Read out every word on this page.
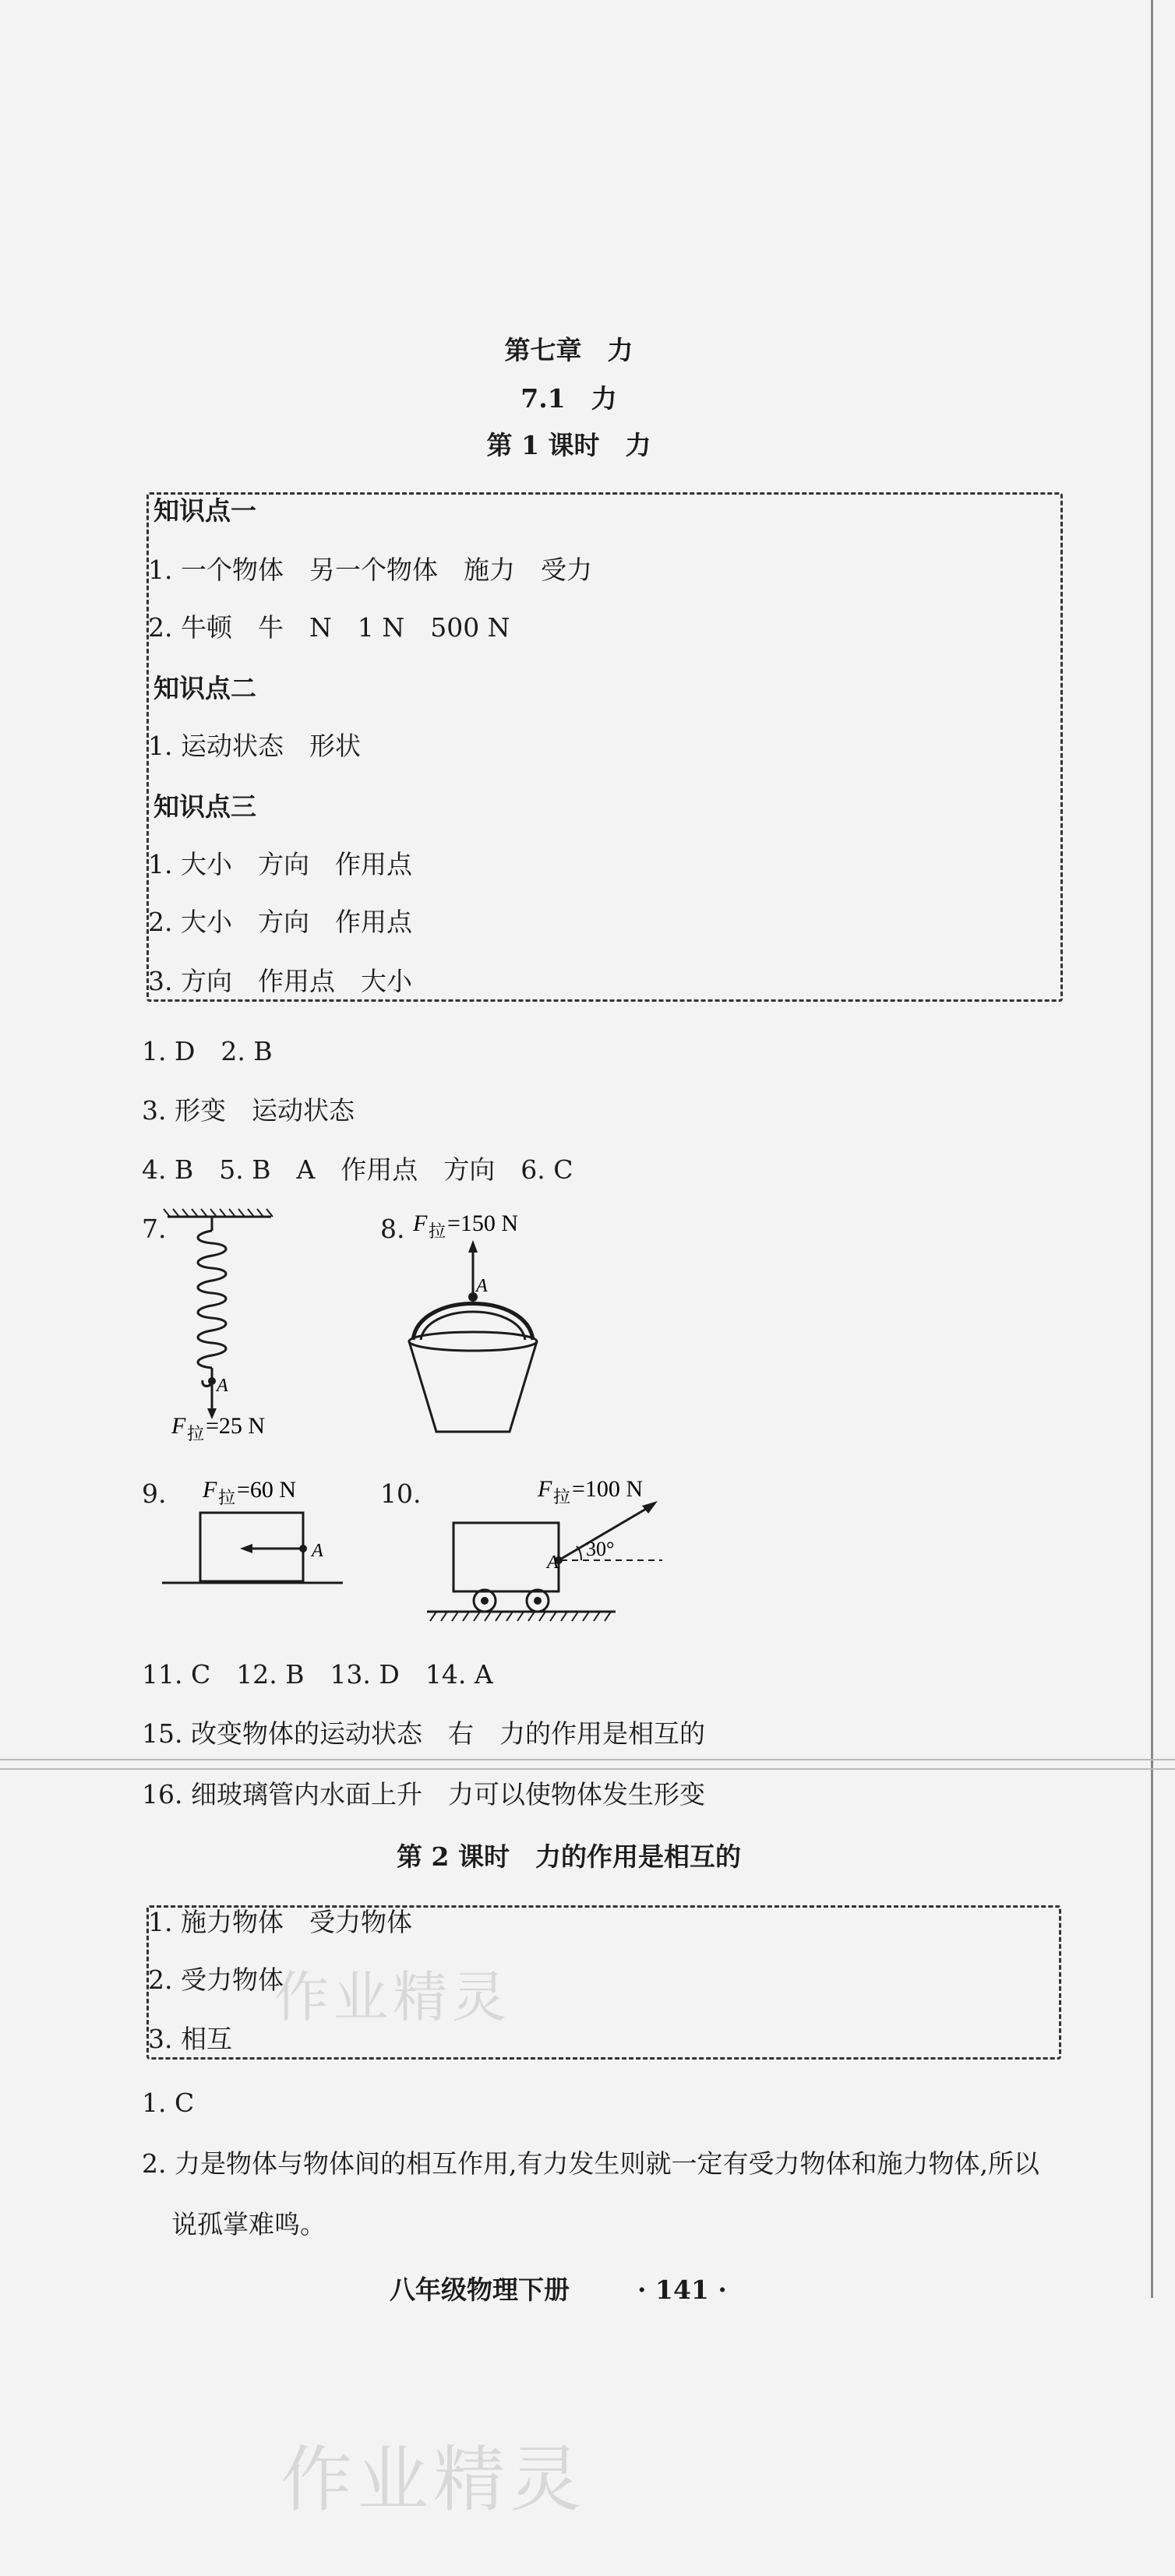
第七章　力
7.1　力
第 1 课时　力
知识点一
1. 一个物体　另一个物体　施力　受力
2. 牛顿　牛　N　1 N　500 N
知识点二
1. 运动状态　形状
知识点三
1. 大小　方向　作用点
2. 大小　方向　作用点
3. 方向　作用点　大小
1. D　2. B
3. 形变　运动状态
4. B　5. B　A　作用点　方向　6. C
7.
A
F 拉 =25 N
8. F 拉 =150 N
A
9. F 拉 =60 N
A
10.	F 拉 =100 N
A
30°
11. C　12. B　13. D　14. A
15. 改变物体的运动状态　右　力的作用是相互的
16. 细玻璃管内水面上升　力可以使物体发生形变
第 2 课时　力的作用是相互的
1. 施力物体　受力物体
2. 受力物体
3. 相互
作业精灵
1. C
2. 力是物体与物体间的相互作用,有力发生则就一定有受力物体和施力物体,所以
说孤掌难鸣。
八年级物理下册	· 141 ·
作业精灵
